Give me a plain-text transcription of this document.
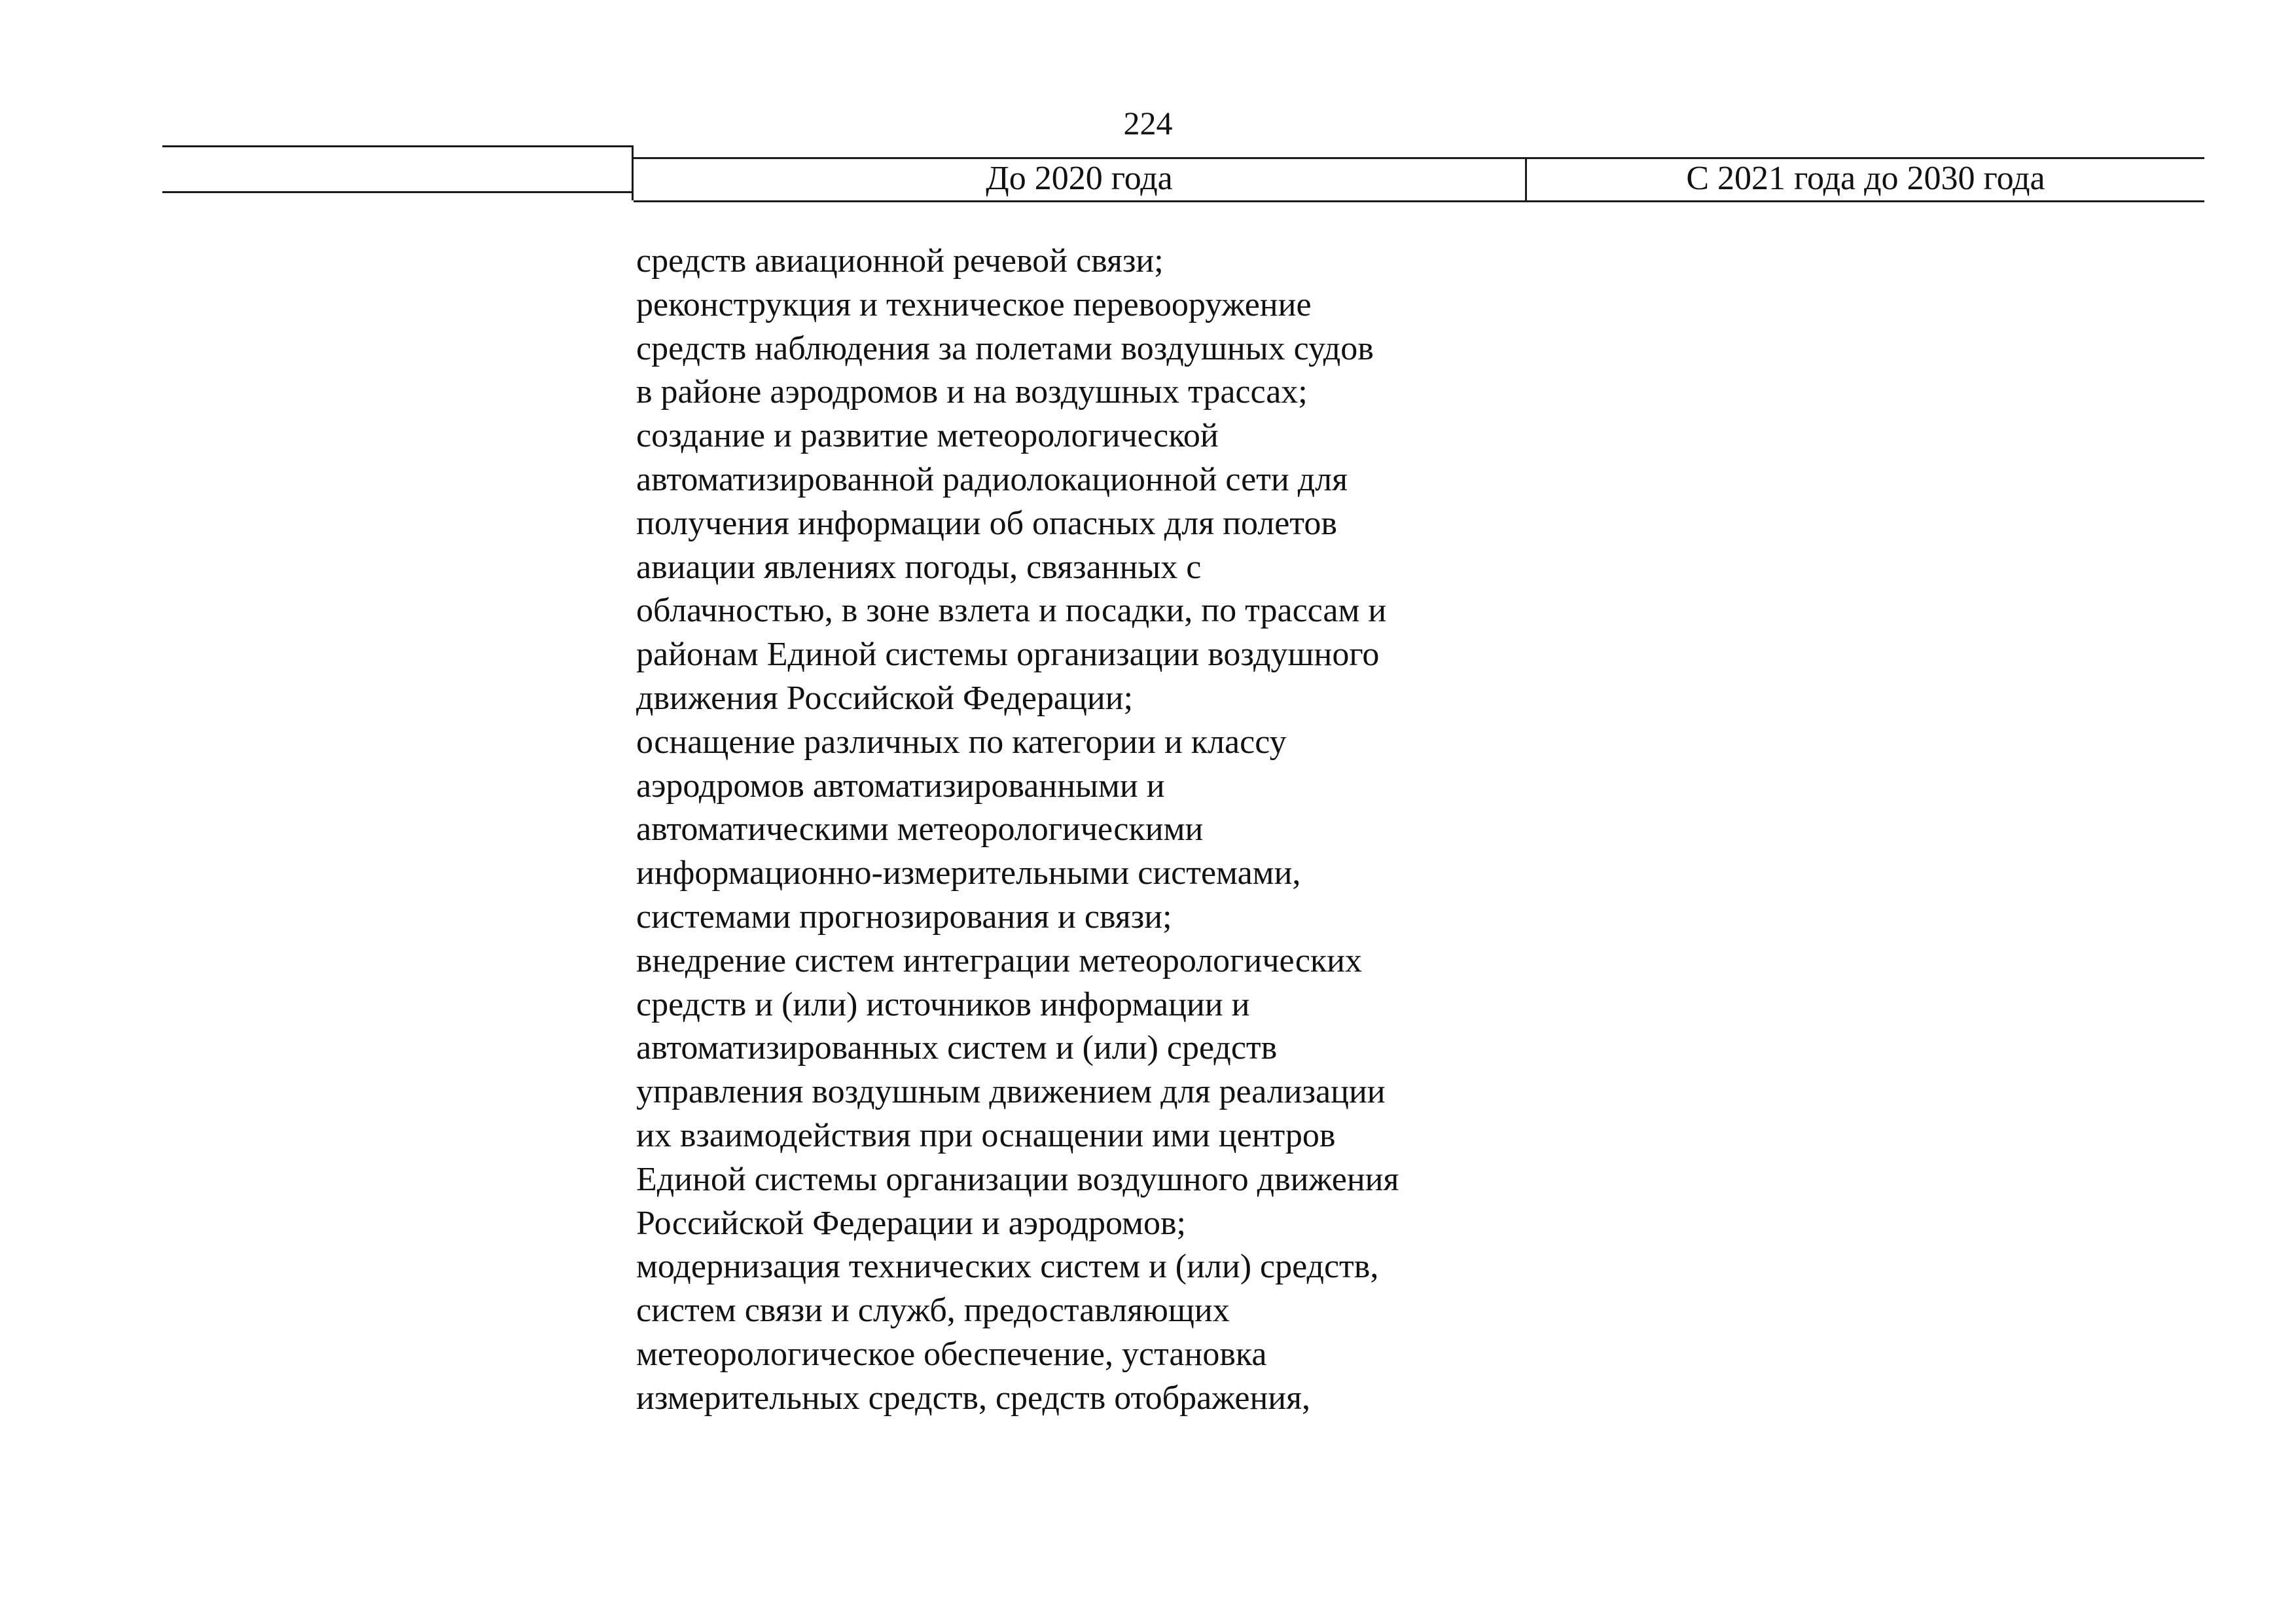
224
До 2020 года	С 2021 года до 2030 года
средств авиационной речевой связи;
реконструкция и техническое перевооружение
средств наблюдения за полетами воздушных судов
в районе аэродромов и на воздушных трассах;
создание и развитие метеорологической
автоматизированной радиолокационной сети для
получения информации об опасных для полетов
авиации явлениях погоды, связанных с
облачностью, в зоне взлета и посадки, по трассам и
районам Единой системы организации воздушного
движения Российской Федерации;
оснащение различных по категории и классу
аэродромов автоматизированными и
автоматическими метеорологическими
информационно-измерительными системами,
системами прогнозирования и связи;
внедрение систем интеграции метеорологических
средств и (или) источников информации и
автоматизированных систем и (или) средств
управления воздушным движением для реализации
их взаимодействия при оснащении ими центров
Единой системы организации воздушного движения
Российской Федерации и аэродромов;
модернизация технических систем и (или) средств,
систем связи и служб, предоставляющих
метеорологическое обеспечение, установка
измерительных средств, средств отображения,
